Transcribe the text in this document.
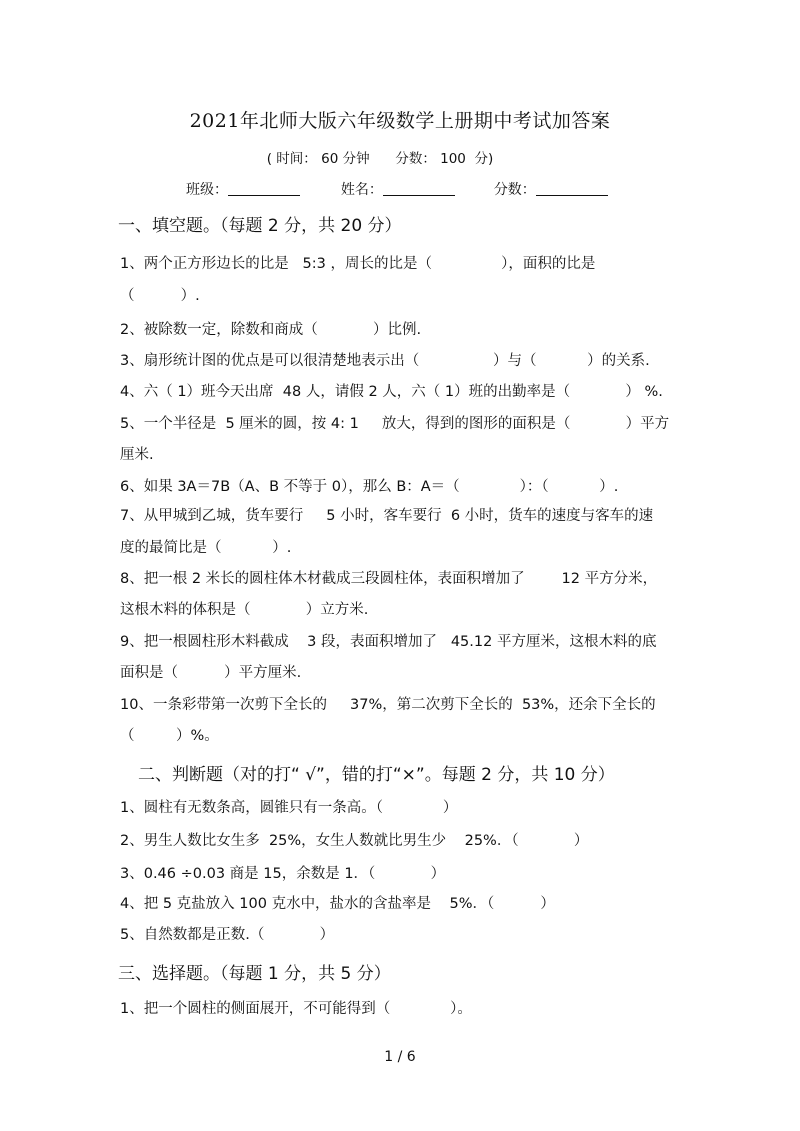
2021年北师大版六年级数学上册期中考试加答案
( 时间： 60 分钟      分数： 100  分)
班级：	姓名：	分数：
一、填空题。（每题 2 分，共 20 分）
1、两个正方形边长的比是   5:3 ，周长的比是（               ），面积的比是
（          ）.
2、被除数一定，除数和商成（            ）比例.
3、扇形统计图的优点是可以很清楚地表示出（                ）与（           ）的关系.
4、六（ 1）班今天出席  48 人，请假 2 人，六（ 1）班的出勤率是（            ） %.
5、一个半径是  5 厘米的圆，按 4: 1     放大，得到的图形的面积是（            ）平方
厘米.
6、如果 3A＝7B（A、B 不等于 0），那么 B：A＝（             ）：（           ）.
7、从甲城到乙城，货车要行     5 小时，客车要行  6 小时，货车的速度与客车的速
度的最简比是（           ）.
8、把一根 2 米长的圆柱体木材截成三段圆柱体，表面积增加了        12 平方分米，
这根木料的体积是（            ）立方米.
9、把一根圆柱形木料截成    3 段，表面积增加了   45.12 平方厘米，这根木料的底
面积是（          ）平方厘米.
10、一条彩带第一次剪下全长的     37%，第二次剪下全长的  53%，还余下全长的
（         ）%。
二、判断题（对的打“ √”，错的打“×”。每题 2 分，共 10 分）
1、圆柱有无数条高，圆锥只有一条高。（             ）
2、男生人数比女生多  25%，女生人数就比男生少    25%．（            ）
3、0.46 ÷0.03 商是 15，余数是 1．（            ）
4、把 5 克盐放入 100 克水中，盐水的含盐率是    5%．（          ）
5、自然数都是正数.（            ）
三、选择题。（每题 1 分，共 5 分）
1、把一个圆柱的侧面展开，不可能得到（             ）。
1 / 6
